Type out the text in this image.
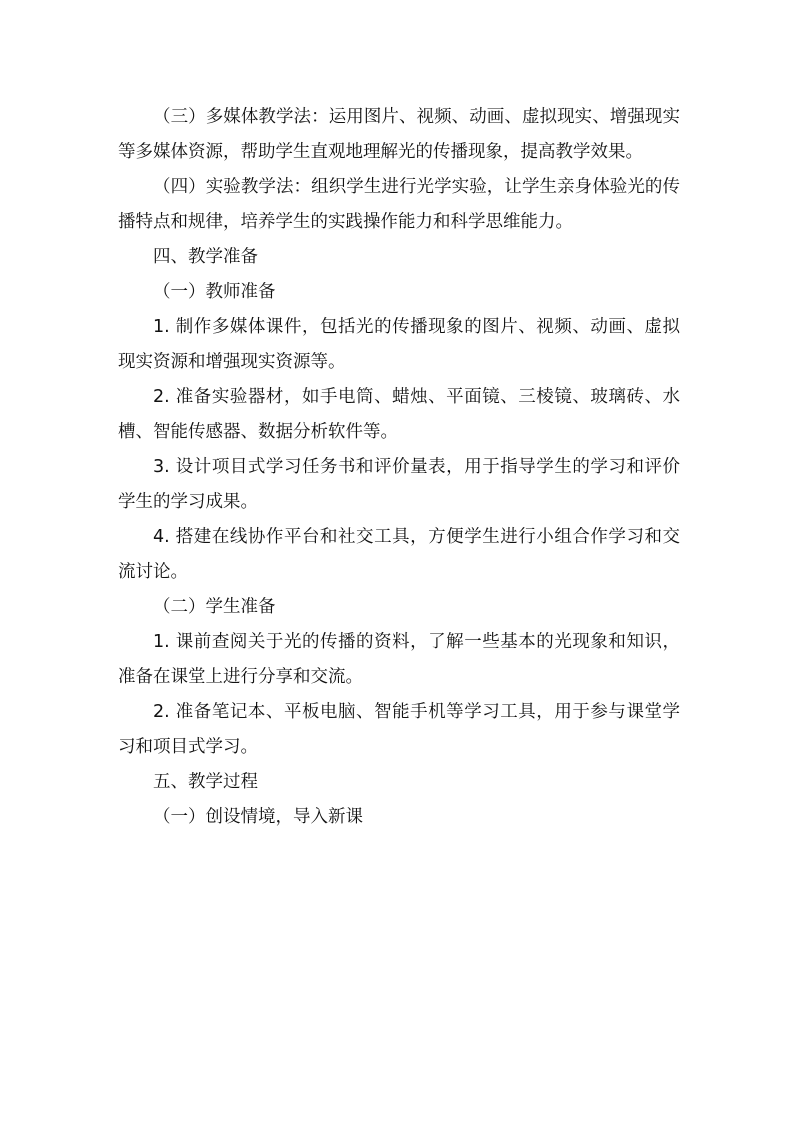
（三）多媒体教学法：运用图片、视频、动画、虚拟现实、增强现实等多媒体资源，帮助学生直观地理解光的传播现象，提高教学效果。

（四）实验教学法：组织学生进行光学实验，让学生亲身体验光的传播特点和规律，培养学生的实践操作能力和科学思维能力。

四、教学准备

（一）教师准备

1. 制作多媒体课件，包括光的传播现象的图片、视频、动画、虚拟现实资源和增强现实资源等。

2. 准备实验器材，如手电筒、蜡烛、平面镜、三棱镜、玻璃砖、水槽、智能传感器、数据分析软件等。

3. 设计项目式学习任务书和评价量表，用于指导学生的学习和评价学生的学习成果。

4. 搭建在线协作平台和社交工具，方便学生进行小组合作学习和交流讨论。

（二）学生准备

1. 课前查阅关于光的传播的资料，了解一些基本的光现象和知识，准备在课堂上进行分享和交流。

2. 准备笔记本、平板电脑、智能手机等学习工具，用于参与课堂学习和项目式学习。

五、教学过程

（一）创设情境，导入新课
